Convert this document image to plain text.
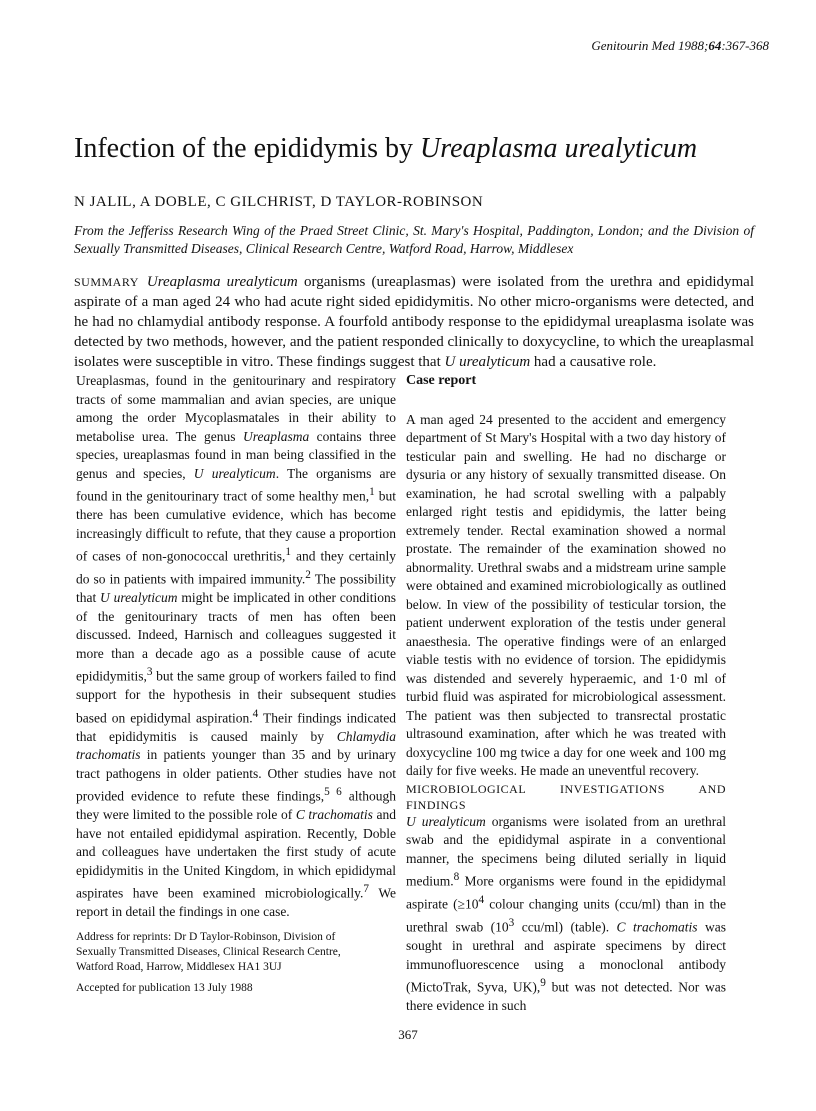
Genitourin Med 1988;64:367-368
Infection of the epididymis by Ureaplasma urealyticum
N JALIL, A DOBLE, C GILCHRIST, D TAYLOR-ROBINSON
From the Jefferiss Research Wing of the Praed Street Clinic, St. Mary's Hospital, Paddington, London; and the Division of Sexually Transmitted Diseases, Clinical Research Centre, Watford Road, Harrow, Middlesex
SUMMARY Ureaplasma urealyticum organisms (ureaplasmas) were isolated from the urethra and epididymal aspirate of a man aged 24 who had acute right sided epididymitis. No other micro-organisms were detected, and he had no chlamydial antibody response. A fourfold antibody response to the epididymal ureaplasma isolate was detected by two methods, however, and the patient responded clinically to doxycycline, to which the ureaplasmal isolates were susceptible in vitro. These findings suggest that U urealyticum had a causative role.

Ureaplasmas, found in the genitourinary and respiratory tracts of some mammalian and avian species, are unique among the order Mycoplasmatales in their ability to metabolise urea. The genus Ureaplasma contains three species, ureaplasmas found in man being classified in the genus and species, U urealyticum. The organisms are found in the genitourinary tract of some healthy men,$^1$ but there has been cumulative evidence, which has become increasingly difficult to refute, that they cause a proportion of cases of non-gonococcal urethritis,$^1$ and they certainly do so in patients with impaired immunity.$^2$ The possibility that U urealyticum might be implicated in other conditions of the genitourinary tracts of men has often been discussed. Indeed, Harnisch and colleagues suggested it more than a decade ago as a possible cause of acute epididymitis,$^3$ but the same group of workers failed to find support for the hypothesis in their subsequent studies based on epididymal aspiration.$^4$ Their findings indicated that epididymitis is caused mainly by Chlamydia trachomatis in patients younger than 35 and by urinary tract pathogens in older patients. Other studies have not provided evidence to refute these findings,$^{5 6}$ although they were limited to the possible role of C trachomatis and have not entailed epididymal aspiration. Recently, Doble and colleagues have undertaken the first study of acute epididymitis in the United Kingdom, in which epididymal aspirates have been examined microbiologically.$^7$ We report in detail the findings in one case.

Address for reprints: Dr D Taylor-Robinson, Division of Sexually Transmitted Diseases, Clinical Research Centre, Watford Road, Harrow, Middlesex HA1 3UJ
Accepted for publication 13 July 1988

Case report

A man aged 24 presented to the accident and emergency department of St Mary's Hospital with a two day history of testicular pain and swelling. He had no discharge or dysuria or any history of sexually transmitted disease. On examination, he had scrotal swelling with a palpably enlarged right testis and epididymis, the latter being extremely tender. Rectal examination showed a normal prostate. The remainder of the examination showed no abnormality. Urethral swabs and a midstream urine sample were obtained and examined microbiologically as outlined below. In view of the possibility of testicular torsion, the patient underwent exploration of the testis under general anaesthesia. The operative findings were of an enlarged viable testis with no evidence of torsion. The epididymis was distended and severely hyperaemic, and 1·0 ml of turbid fluid was aspirated for microbiological assessment. The patient was then subjected to transrectal prostatic ultrasound examination, after which he was treated with doxycycline 100 mg twice a day for one week and 100 mg daily for five weeks. He made an uneventful recovery.

MICROBIOLOGICAL INVESTIGATIONS AND FINDINGS

U urealyticum organisms were isolated from an urethral swab and the epididymal aspirate in a conventional manner, the specimens being diluted serially in liquid medium.$^8$ More organisms were found in the epididymal aspirate ($\ge 10^4$ colour changing units (ccu/ml) than in the urethral swab ($10^3$ ccu/ml) (table). C trachomatis was sought in urethral and aspirate specimens by direct immunofluorescence using a monoclonal antibody (MictoTrak, Syva, UK),$^9$ but was not detected. Nor was there evidence in such

367
